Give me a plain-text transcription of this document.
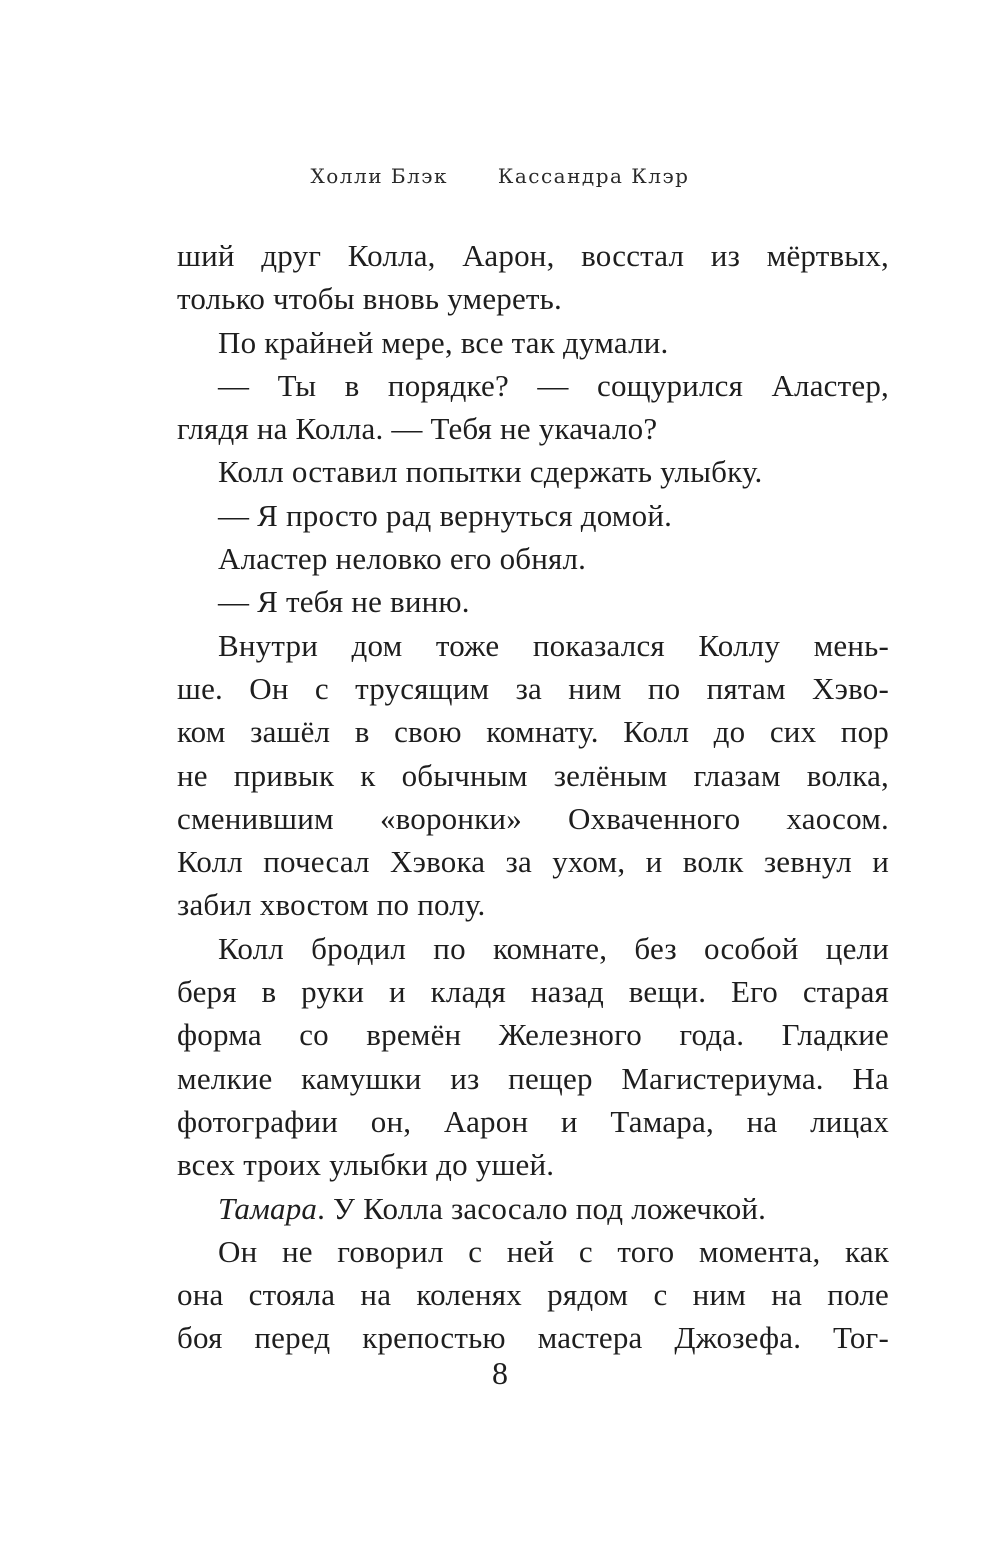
Холли Блэк Кассандра Клэр
ший друг Колла, Аарон, восстал из мёртвых,
только чтобы вновь умереть.
По крайней мере, все так думали.
— Ты в порядке? — сощурился Аластер,
глядя на Колла. — Тебя не укачало?
Колл оставил попытки сдержать улыбку.
— Я просто рад вернуться домой.
Аластер неловко его обнял.
— Я тебя не виню.
Внутри дом тоже показался Коллу мень-
ше. Он с трусящим за ним по пятам Хэво-
ком зашёл в свою комнату. Колл до сих пор
не привык к обычным зелёным глазам волка,
сменившим «воронки» Охваченного хаосом.
Колл почесал Хэвока за ухом, и волк зевнул и
забил хвостом по полу.
Колл бродил по комнате, без особой цели
беря в руки и кладя назад вещи. Его старая
форма со времён Железного года. Гладкие
мелкие камушки из пещер Магистериума. На
фотографии он, Аарон и Тамара, на лицах
всех троих улыбки до ушей.
Тамара. У Колла засосало под ложечкой.
Он не говорил с ней с того момента, как
она стояла на коленях рядом с ним на поле
боя перед крепостью мастера Джозефа. Тог-
8
